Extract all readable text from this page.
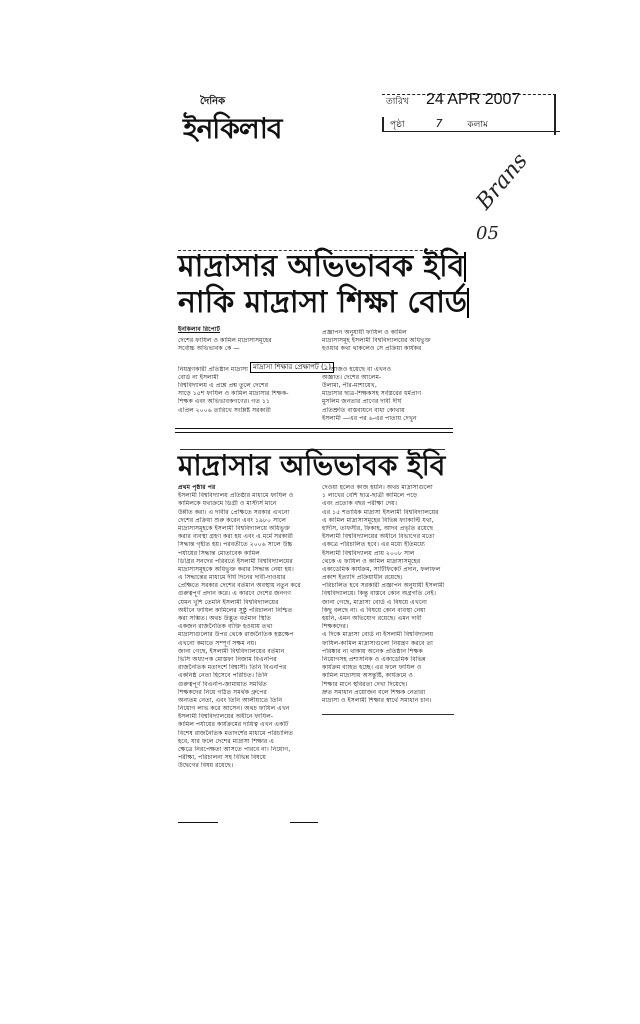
দৈনিক
ইনকিলাব
তারিখ 24 APR 2007
পৃষ্ঠা	7	কলাম
Brans
05
মাদ্রাসার অভিভাবক ইবি
নাকি মাদ্রাসা শিক্ষা বোর্ড
ইনকিলাব রিপোর্ট
দেশের ফাযিল ও কামিল মাদ্রাসাসমূহের
সর্বোচ্চ অভিভাবক কে —
নিয়ন্ত্রণকারী প্রতিষ্ঠান মাদ্রাসা
বোর্ড না ইসলামী
বিশ্ববিদ্যালয় এ প্রশ্নে প্রশ্ন তুলে দেশের
সাড়ে ১৫শ ফাযিল ও কামিল মাদ্রাসার শিক্ষক-
শিক্ষক এবং অভিভাবকগণের। গত ১১
এপ্রিল ২০০৬ তারিখে সংশ্লিষ্ট সরকারী
প্রজ্ঞাপন অনুযায়ী ফাযিল ও কামিল
মাদ্রাসাসমূহ ইসলামী বিশ্ববিদ্যালয়ের অধিভুক্ত
হওয়ার কথা থাকলেও সে প্রক্রিয়া কার্যকর
— আজও হয়েছে বা এখনও
অজ্ঞাত। দেশের আলেম-
উলামা, পীর-মাশায়েখ,
মাদ্রাসার ছাত্র-শিক্ষকসহ সর্বস্তরের ধর্মপ্রাণ
মুসলিম জনতার প্রাণের দাবী দীর্ঘ
প্রতিশ্রুতি বাস্তবায়নে বাধা কোথায়
ইসলামী —এর পর ৬-এর পাতায় দেখুন
মাদ্রাসা শিক্ষার প্রেক্ষাপট (১)
মাদ্রাসার অভিভাবক ইবি
প্রথম পৃষ্ঠার পর
ইসলামী বিশ্ববিদ্যালয় প্রতিষ্ঠার মাধ্যমে ফাযিল ও
কামিলকে যথাক্রমে ডিগ্রী ও মাস্টার্স মানে
উন্নীত করা। এ দাবীর প্রেক্ষিতে সরকার এখনো
দেশের প্রক্রিয়া শুরু করেন এবং ১৯৮০ সালে
মাদ্রাসাসমূহকে ইসলামী বিশ্ববিদ্যালয়ে অধিভুক্ত
করার ব্যবস্থা গ্রহণ করা হয় এবং এ মর্মে সরকারী
সিদ্ধান্ত গৃহীত হয়। পরবর্তীতে ২০০৬ সালে উচ্চ
পর্যায়ের সিদ্ধান্ত মোতাবেক কামিল
ডিগ্রির সনদের পরিবর্তে ইসলামী বিশ্ববিদ্যালয়ের
মাদ্রাসাসমূহকে অধিভুক্ত করার সিদ্ধান্ত নেয়া হয়।
এ সিদ্ধান্তের মাধ্যমে দীর্ঘ দিনের দাবী-দাওয়ার
প্রেক্ষিতে সরকার দেশের বর্তমান অবস্থায় নতুন করে
গুরুত্বপূর্ণ প্রদান করে। এ কারণে দেশের জনগণ
যেমন খুশি তেমনি ইসলামী বিশ্ববিদ্যালয়ের
অধীনে ফাযিল কামিলের সুষ্ঠু পরিচালনা নিশ্চিত
করা সম্ভিত। অথচ উদ্ভূত বর্তমান স্থিতি
একজন রাজনৈতিক ব্যক্তি হওয়ায় তথা
মাদ্রাসাগুলোর উপর থেকে রাজনৈতিক হস্তক্ষেপ
এখনো কমাতে সম্পূর্ণ সক্ষম নয়।
জানা গেছে, ইসলামী বিশ্ববিদ্যালয়ের বর্তমান
ভিসি অধ্যাপক মোস্তফা নিজাম বিএনপির
রাজনৈতিক মতাদর্শে বিশ্বাসী। তিনি বিএনপির
একনিষ্ঠ নেতা হিসেবে পরিচিত। তিনি
গুরুত্বপূর্ণ বিএনপি-জামায়াত সমর্থিত
শিক্ষকদের নিয়ে গঠিত সমর্থক গ্রুপের
অন্যতম নেতা, এবং তিনি আলীয়াতে তিনি
নিয়োগ লাভ করে আসেন। অথচ ফাযিল এখন
ইসলামী বিশ্ববিদ্যালয়ের অধীনে ফাযিল-
কামিল পর্যায়ের কার্যক্রমের দায়িত্ব এখন একটি
বিশেষ রাজনৈতিক মতাদর্শের মাধ্যমে পরিচালিত
হবে, যার ফলে দেশের মাদ্রাসা শিক্ষার এ
ক্ষেত্রে নিরপেক্ষতা আসতে পারবে না। নিয়োগ,
পরীক্ষা, পরিচালনা সহ বিভিন্ন বিষয়ে
উদ্বেগের বিষয় রয়েছে।
দেওয়া হলেও কাজ হয়নি। অথচ মাদ্রাসাগুলো
১ লাখের বেশি ছাত্র-ছাত্রী কামিলে পড়ে
এবং প্রত্যেক বছর পরীক্ষা দেয়।
এর ১৫ শতাধিক মাদ্রাসা ইসলামী বিশ্ববিদ্যালয়ের
এ কামিল মাদ্রাসাসমূহের বিভিন্ন ফ্যাকাল্টি যথা,
হাদীস, তাফসীর, ফিকাহ, আদব প্রভৃতি রয়েছে
ইসলামী বিশ্ববিদ্যালয়ের অধীনে বিভাগের মতো
একত্রে পরিচালিত হবে। এর মধ্যে ইতিমধ্যে
ইসলামী বিশ্ববিদ্যালয় প্রায় ২০০৮ সাল
থেকে এ ফাযিল ও কামিল মাদ্রাসাসমূহের
একাডেমিক কার্যক্রম, সার্টিফিকেট প্রদান, ফলাফল
প্রকাশ ইত্যাদি প্রক্রিয়াধীন রয়েছে।
পরিচালিত হবে সরকারী প্রজ্ঞাপন অনুযায়ী ইসলামী
বিশ্ববিদ্যালয়ে। কিন্তু বাস্তবে কোন অগ্রগতি নেই।
জানা গেছে, মাদ্রাসা বোর্ড এ বিষয়ে এখনো
কিছু বলছে না। এ বিষয়ে কোন ব্যবস্থা নেয়া
হয়নি, এমন অভিযোগ রয়েছে। এমন দাবী
শিক্ষকদের।
এ দিকে মাদ্রাসা বোর্ড না ইসলামী বিশ্ববিদ্যালয়
ফাযিল-কামিল মাদ্রাসাগুলো নিয়ন্ত্রণ করবে তা
পরিষ্কার না থাকায় অনেক প্রতিষ্ঠান শিক্ষক
নিয়োগসহ প্রশাসনিক ও একাডেমিক বিভিন্ন
কার্যক্রম ব্যাহত হচ্ছে। এর ফলে ফাযিল ও
কামিল মাদ্রাসায় অসন্তুষ্টি, কার্যক্রমে ও
শিক্ষার মানে স্থবিরতা দেখা দিয়েছে।
দ্রুত সমাধান প্রয়োজন বলে শিক্ষক নেতারা
মাদ্রাসা ও ইসলামী শিক্ষার স্বার্থে সমাধান চান।
